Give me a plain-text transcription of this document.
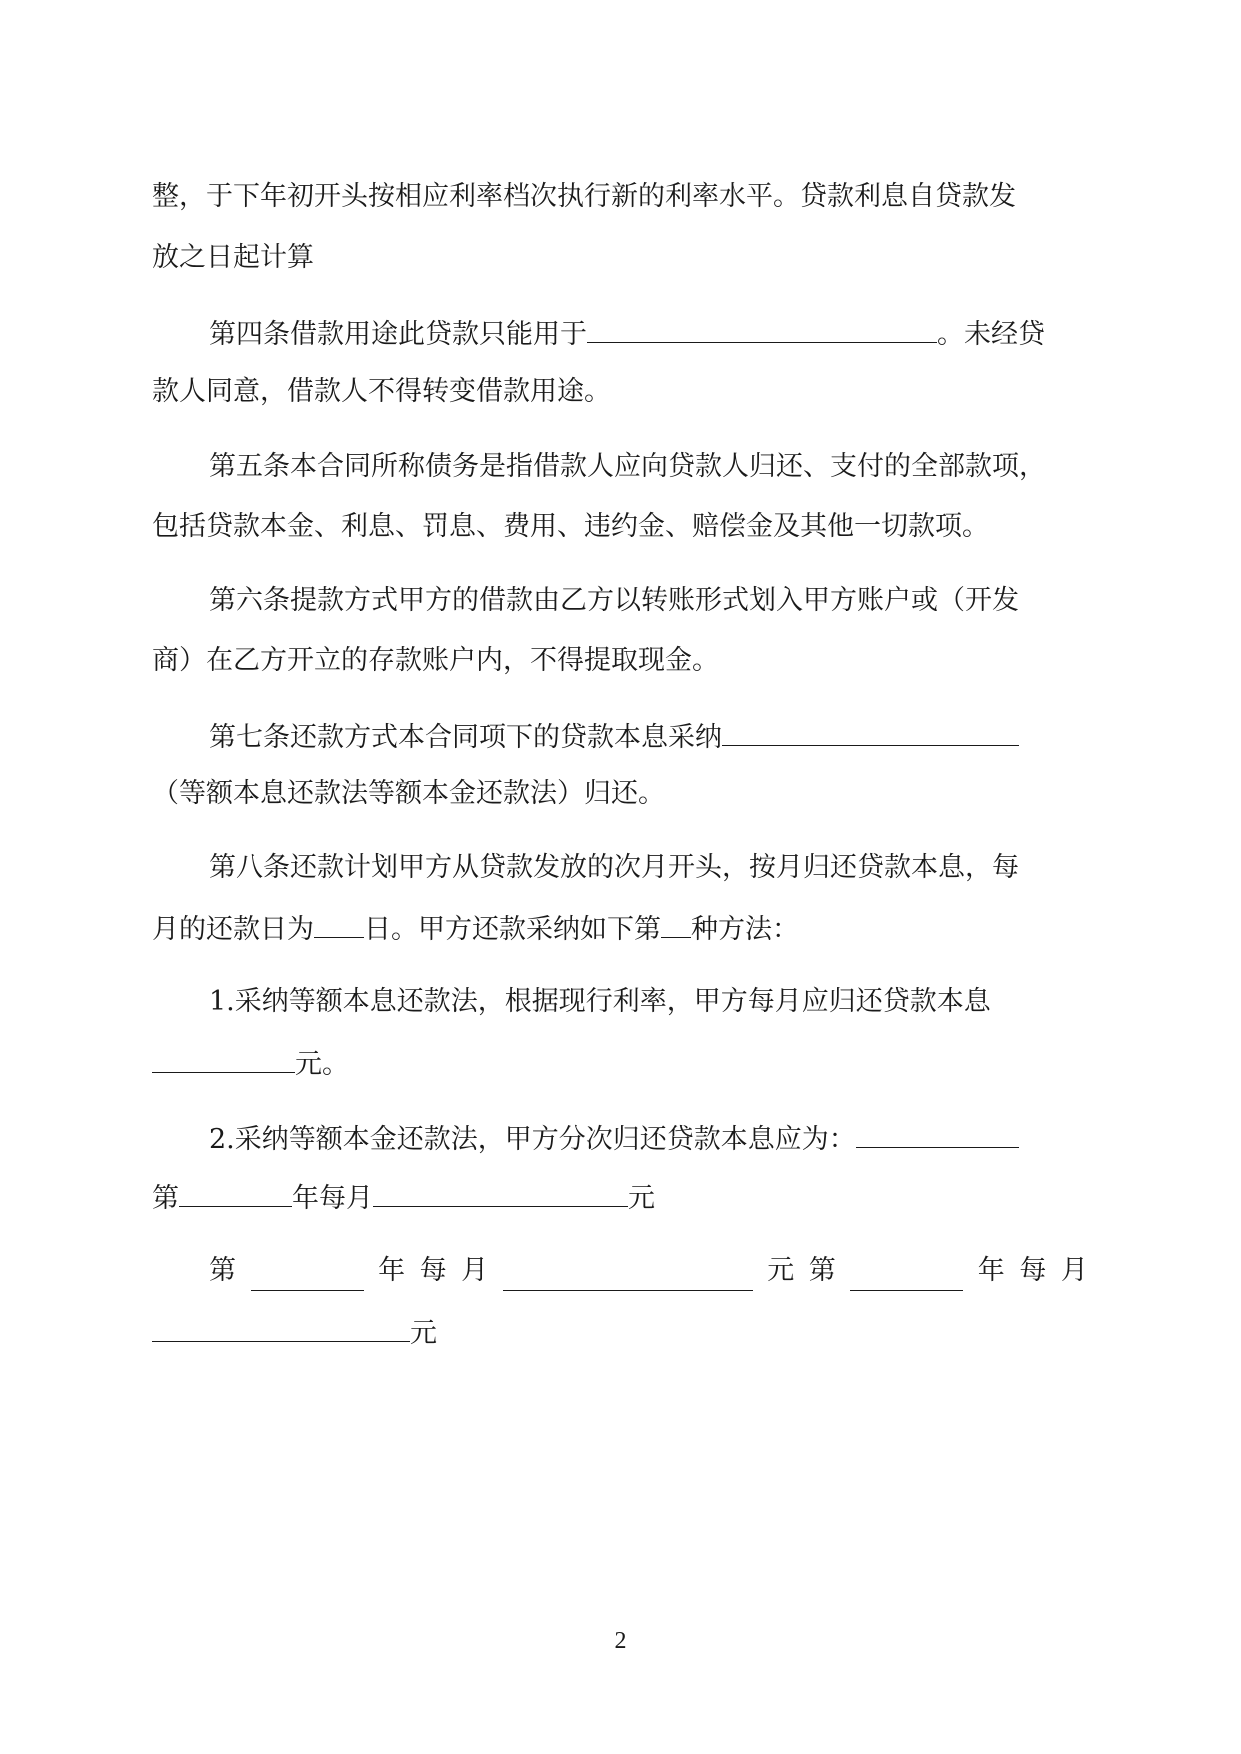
整，于下年初开头按相应利率档次执行新的利率水平。贷款利息自贷款发
放之日起计算
第四条借款用途此贷款只能用于	。未经贷
款人同意，借款人不得转变借款用途。
第五条本合同所称债务是指借款人应向贷款人归还、支付的全部款项，
包括贷款本金、利息、罚息、费用、违约金、赔偿金及其他一切款项。
第六条提款方式甲方的借款由乙方以转账形式划入甲方账户或（开发
商）在乙方开立的存款账户内，不得提取现金。
第七条还款方式本合同项下的贷款本息采纳
（等额本息还款法等额本金还款法）归还。
第八条还款计划甲方从贷款发放的次月开头，按月归还贷款本息，每
月的还款日为 日。甲方还款采纳如下第 种方法：
1.采纳等额本息还款法，根据现行利率，甲方每月应归还贷款本息
元。
2.采纳等额本金还款法，甲方分次归还贷款本息应为：
第	年每月	元
第	年 每 月	元 第	年 每 月
元
2
